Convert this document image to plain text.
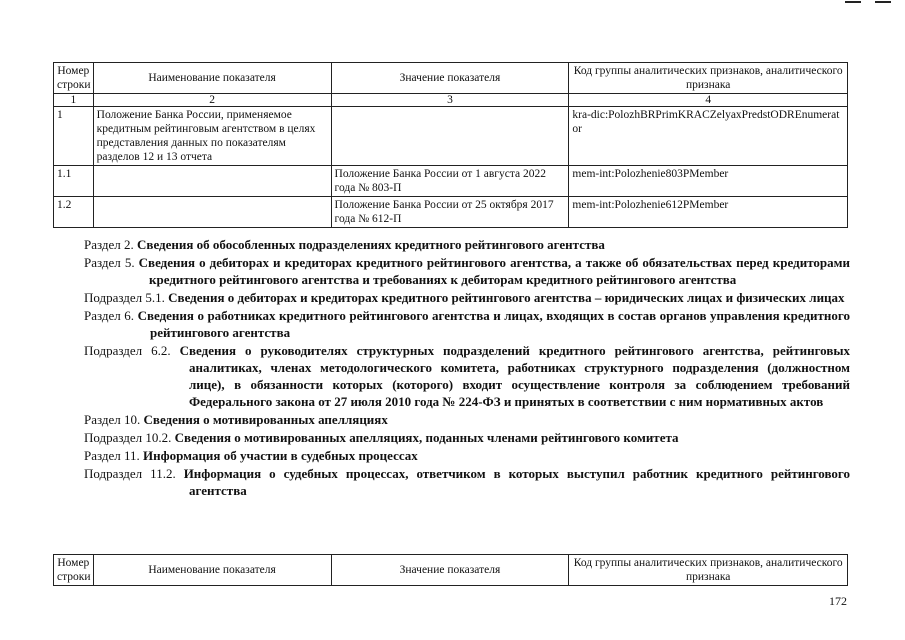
Номер строки	Наименование показателя	Значение показателя	Код группы аналитических признаков, аналитического признака
1	2	3	4
1	Положение Банка России, применяемое кредитным рейтинговым агентством в целях представления данных по показателям разделов 12 и 13 отчета		kra-dic:PolozhBRPrimKRACZelyaxPredstODREnumerator
1.1		Положение Банка России от 1 августа 2022 года № 803-П	mem-int:Polozhenie803PMember
1.2		Положение Банка России от 25 октября 2017 года № 612-П	mem-int:Polozhenie612PMember
Раздел 2. Сведения об обособленных подразделениях кредитного рейтингового агентства
Раздел 5. Сведения о дебиторах и кредиторах кредитного рейтингового агентства, а также об обязательствах перед кредиторами кредитного рейтингового агентства и требованиях к дебиторам кредитного рейтингового агентства
Подраздел 5.1. Сведения о дебиторах и кредиторах кредитного рейтингового агентства – юридических лицах и физических лицах
Раздел 6. Сведения о работниках кредитного рейтингового агентства и лицах, входящих в состав органов управления кредитного рейтингового агентства
Подраздел 6.2. Сведения о руководителях структурных подразделений кредитного рейтингового агентства, рейтинговых аналитиках, членах методологического комитета, работниках структурного подразделения (должностном лице), в обязанности которых (которого) входит осуществление контроля за соблюдением требований Федерального закона от 27 июля 2010 года № 224-ФЗ и принятых в соответствии с ним нормативных актов
Раздел 10. Сведения о мотивированных апелляциях
Подраздел 10.2. Сведения о мотивированных апелляциях, поданных членами рейтингового комитета
Раздел 11. Информация об участии в судебных процессах
Подраздел 11.2. Информация о судебных процессах, ответчиком в которых выступил работник кредитного рейтингового агентства
Номер строки	Наименование показателя	Значение показателя	Код группы аналитических признаков, аналитического признака
172
